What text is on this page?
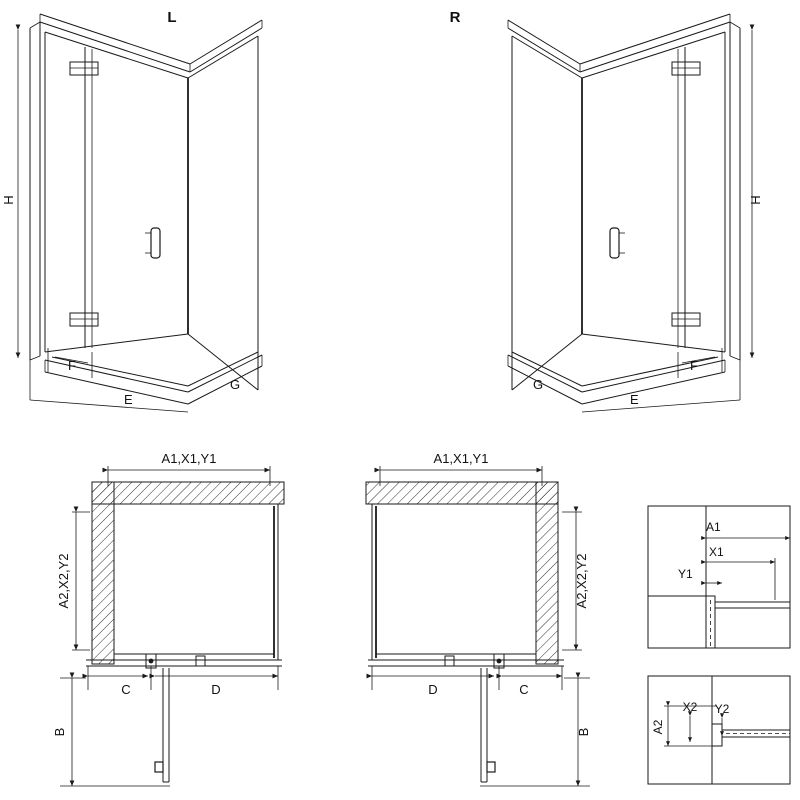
H
F
E
G
L
H
F
E
G
R
A1,X1,Y1
A2,X2,Y2
C	D
B
A1,X1,Y1
A2,X2,Y2
D	C
B
A1
X1
Y1
A2
X2 Y2
